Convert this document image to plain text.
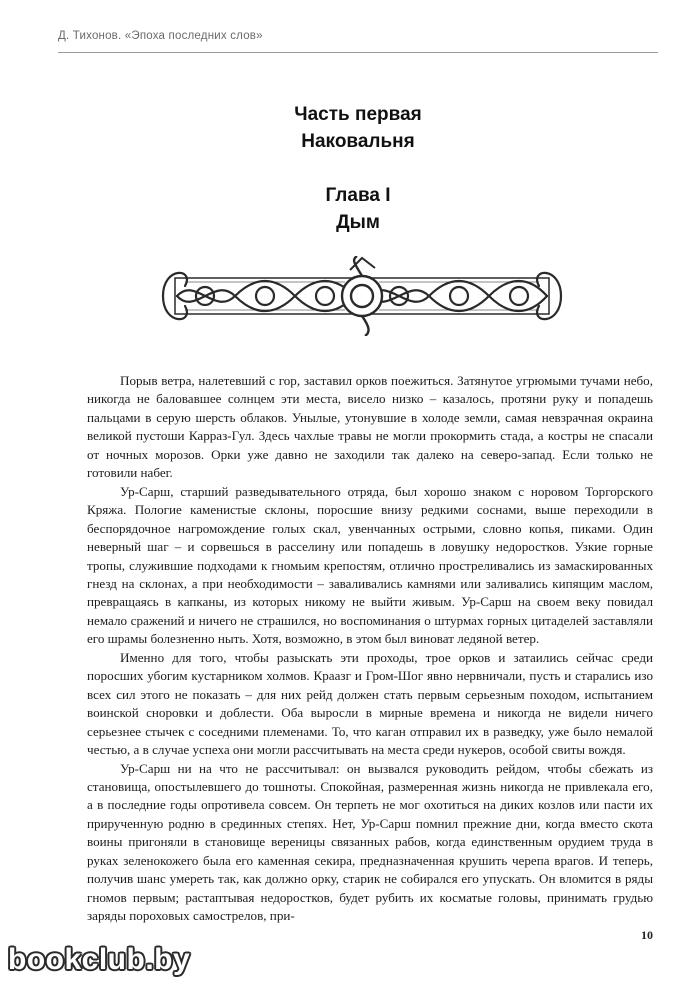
Д. Тихонов. «Эпоха последних слов»
Часть первая
Наковальня
Глава I
Дым

Порыв ветра, налетевший с гор, заставил орков поежиться. Затянутое угрюмыми тучами небо, никогда не баловавшее солнцем эти места, висело низко – казалось, протяни руку и попадешь пальцами в серую шерсть облаков. Унылые, утонувшие в холоде земли, самая невзрачная окраина великой пустоши Карраз-Гул. Здесь чахлые травы не могли прокормить стада, а костры не спасали от ночных морозов. Орки уже давно не заходили так далеко на северо-запад. Если только не готовили набег.

Ур-Сарш, старший разведывательного отряда, был хорошо знаком с норовом Торгорского Кряжа. Пологие каменистые склоны, поросшие внизу редкими соснами, выше переходили в беспорядочное нагромождение голых скал, увенчанных острыми, словно копья, пиками. Один неверный шаг – и сорвешься в расселину или попадешь в ловушку недоростков. Узкие горные тропы, служившие подходами к гномьим крепостям, отлично простреливались из замаскированных гнезд на склонах, а при необходимости – заваливались камнями или заливались кипящим маслом, превращаясь в капканы, из которых никому не выйти живым. Ур-Сарш на своем веку повидал немало сражений и ничего не страшился, но воспоминания о штурмах горных цитаделей заставляли его шрамы болезненно ныть. Хотя, возможно, в этом был виноват ледяной ветер.

Именно для того, чтобы разыскать эти проходы, трое орков и затаились сейчас среди поросших убогим кустарником холмов. Краазг и Гром-Шог явно нервничали, пусть и старались изо всех сил этого не показать – для них рейд должен стать первым серьезным походом, испытанием воинской сноровки и доблести. Оба выросли в мирные времена и никогда не видели ничего серьезнее стычек с соседними племенами. То, что каган отправил их в разведку, уже было немалой честью, а в случае успеха они могли рассчитывать на места среди нукеров, особой свиты вождя.

Ур-Сарш ни на что не рассчитывал: он вызвался руководить рейдом, чтобы сбежать из становища, опостылевшего до тошноты. Спокойная, размеренная жизнь никогда не привлекала его, а в последние годы опротивела совсем. Он терпеть не мог охотиться на диких козлов или пасти их прирученную родню в срединных степях. Нет, Ур-Сарш помнил прежние дни, когда вместо скота воины пригоняли в становище вереницы связанных рабов, когда единственным орудием труда в руках зеленокожего была его каменная секира, предназначенная крушить черепа врагов. И теперь, получив шанс умереть так, как должно орку, старик не собирался его упускать. Он вломится в ряды гномов первым; растаптывая недоростков, будет рубить их косматые головы, принимать грудью заряды пороховых самострелов, при-

10
bookclub.by
